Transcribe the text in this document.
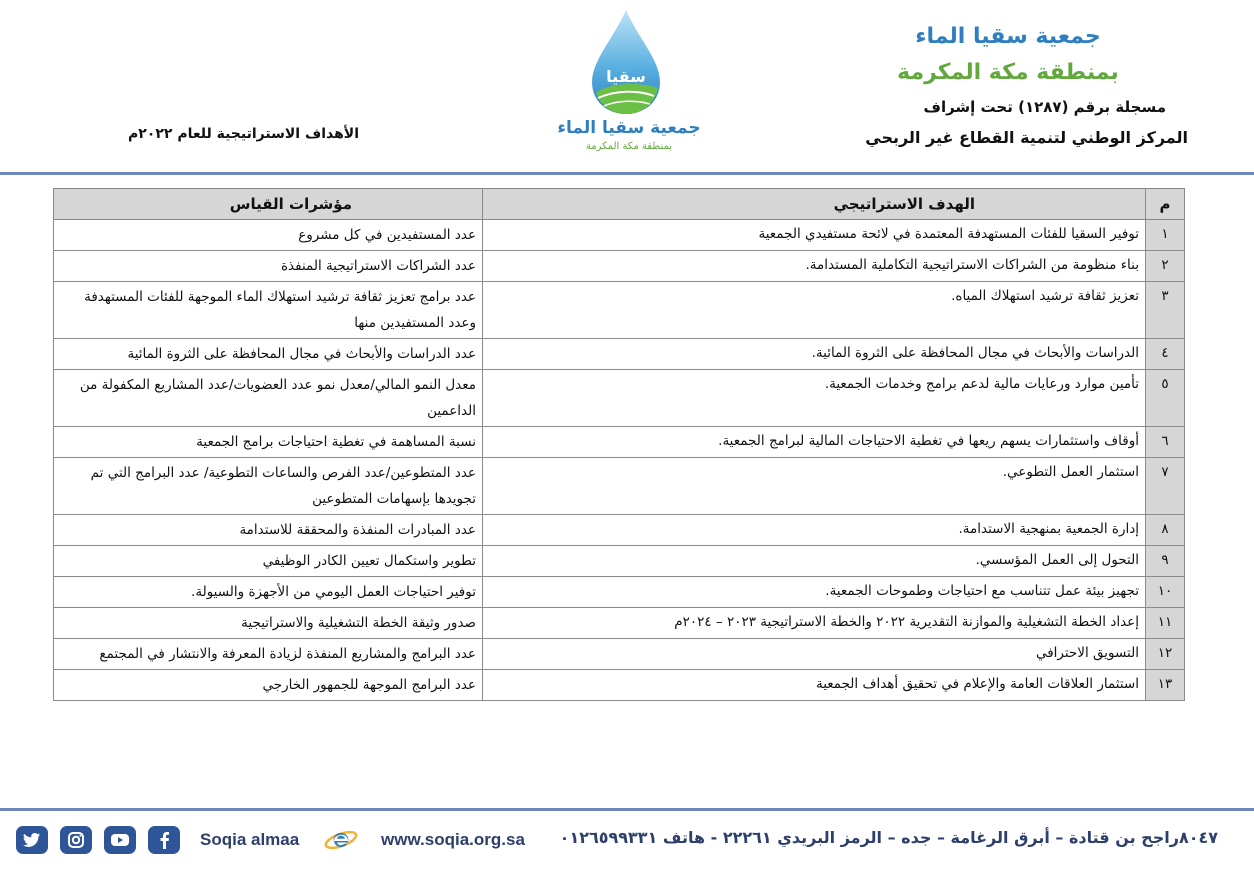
جمعية سقيا الماء
بمنطقة مكة المكرمة
مسجلة برقم (١٢٨٧) تحت إشراف
المركز الوطني لتنمية القطاع غير الربحي
سقيا
جمعية سقيا الماء
بمنطقة مكة المكرمة
الأهداف الاستراتيجية للعام ٢٠٢٢م
م	الهدف الاستراتيجي	مؤشرات القياس
١	توفير السقيا للفئات المستهدفة المعتمدة في لائحة مستفيدي الجمعية	عدد المستفيدين في كل مشروع
٢	بناء منظومة من الشراكات الاستراتيجية التكاملية المستدامة.	عدد الشراكات الاستراتيجية المنفذة
٣	تعزيز ثقافة ترشيد استهلاك المياه.	عدد برامج تعزيز ثقافة ترشيد استهلاك الماء الموجهة للفئات المستهدفة وعدد المستفيدين منها
٤	الدراسات والأبحاث في مجال المحافظة على الثروة المائية.	عدد الدراسات والأبحاث في مجال المحافظة على الثروة المائية
٥	تأمين موارد ورعايات مالية لدعم برامج وخدمات الجمعية.	معدل النمو المالي/معدل نمو عدد العضويات/عدد المشاريع المكفولة من الداعمين
٦	أوقاف واستثمارات يسهم ريعها في تغطية الاحتياجات المالية لبرامج الجمعية.	نسبة المساهمة في تغطية احتياجات برامج الجمعية
٧	استثمار العمل التطوعي.	عدد المتطوعين/عدد الفرص والساعات التطوعية/ عدد البرامج التي تم تجويدها بإسهامات المتطوعين
٨	إدارة الجمعية بمنهجية الاستدامة.	عدد المبادرات المنفذة والمحققة للاستدامة
٩	التحول إلى العمل المؤسسي.	تطوير واستكمال تعيين الكادر الوظيفي
١٠	تجهيز بيئة عمل تتناسب مع احتياجات وطموحات الجمعية.	توفير احتياجات العمل اليومي من الأجهزة والسيولة.
١١	إعداد الخطة التشغيلية والموازنة التقديرية ٢٠٢٢ والخطة الاستراتيجية ٢٠٢٣ – ٢٠٢٤م	صدور وثيقة الخطة التشغيلية والاستراتيجية
١٢	التسويق الاحترافي	عدد البرامج والمشاريع المنفذة لزيادة المعرفة والانتشار في المجتمع
١٣	استثمار العلاقات العامة والإعلام في تحقيق أهداف الجمعية	عدد البرامج الموجهة للجمهور الخارجي
Soqia almaa	www.soqia.org.sa ٨٠٤٧راجح بن قتادة – أبرق الرغامة – جده – الرمز البريدي ٢٢٢٦١ - هاتف ٠١٢٦٥٩٩٣٣١
